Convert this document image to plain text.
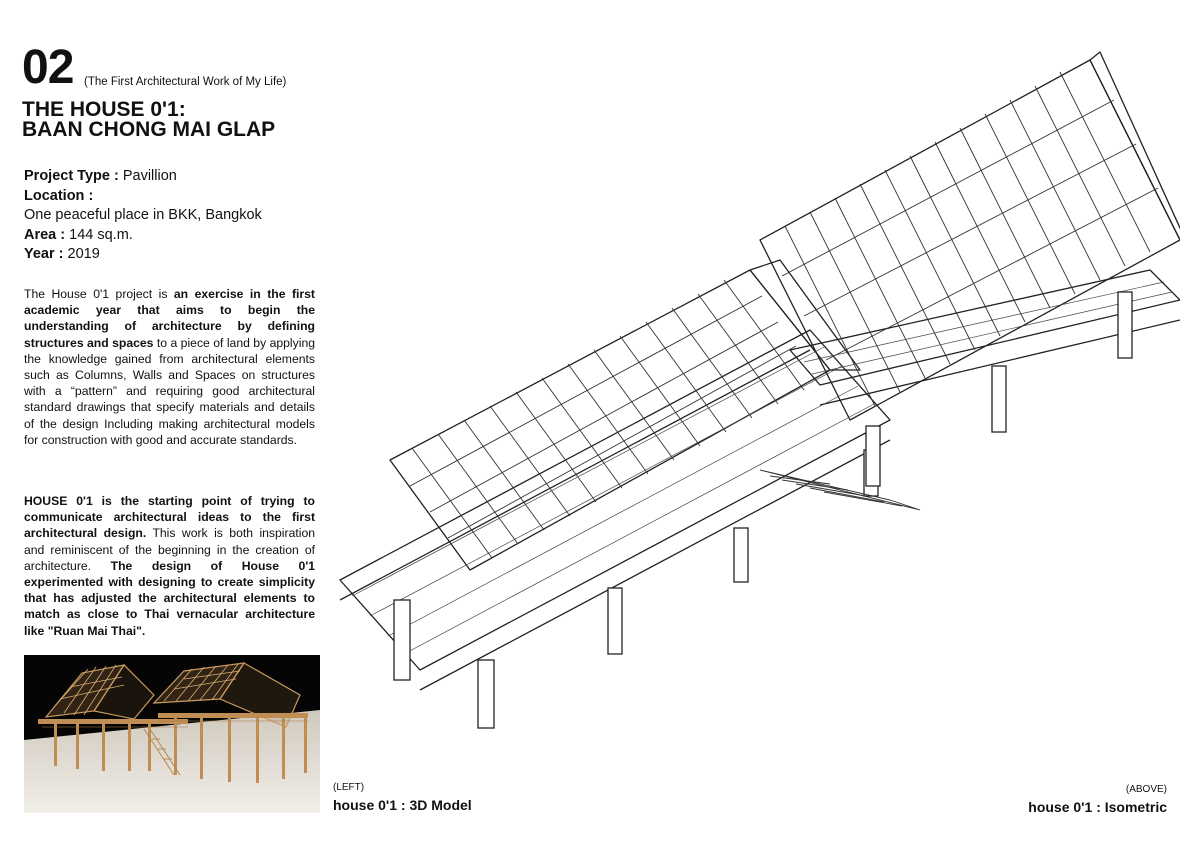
02 (The First Architectural Work of My Life)
THE HOUSE 0'1:
BAAN CHONG MAI GLAP
Project Type : Pavillion
Location :
One peaceful place in BKK, Bangkok
Area : 144 sq.m.
Year : 2019
The House 0'1 project is an exercise in the first academic year that aims to begin the understanding of architecture by defining structures and spaces to a piece of land by applying the knowledge gained from architectural elements such as Columns, Walls and Spaces on structures with a “pattern” and requiring good architectural standard drawings that specify materials and details of the design Including making architectural models for construction with good and accurate standards.
HOUSE 0'1 is the starting point of trying to communicate architectural ideas to the first architectural design. This work is both inspiration and reminiscent of the beginning in the creation of architecture. The design of House 0'1 experimented with designing to create simplicity that has adjusted the architectural elements to match as close to Thai vernacular architecture like "Ruan Mai Thai".
(LEFT)
house 0'1 : 3D Model
(ABOVE)
house 0'1 : Isometric
